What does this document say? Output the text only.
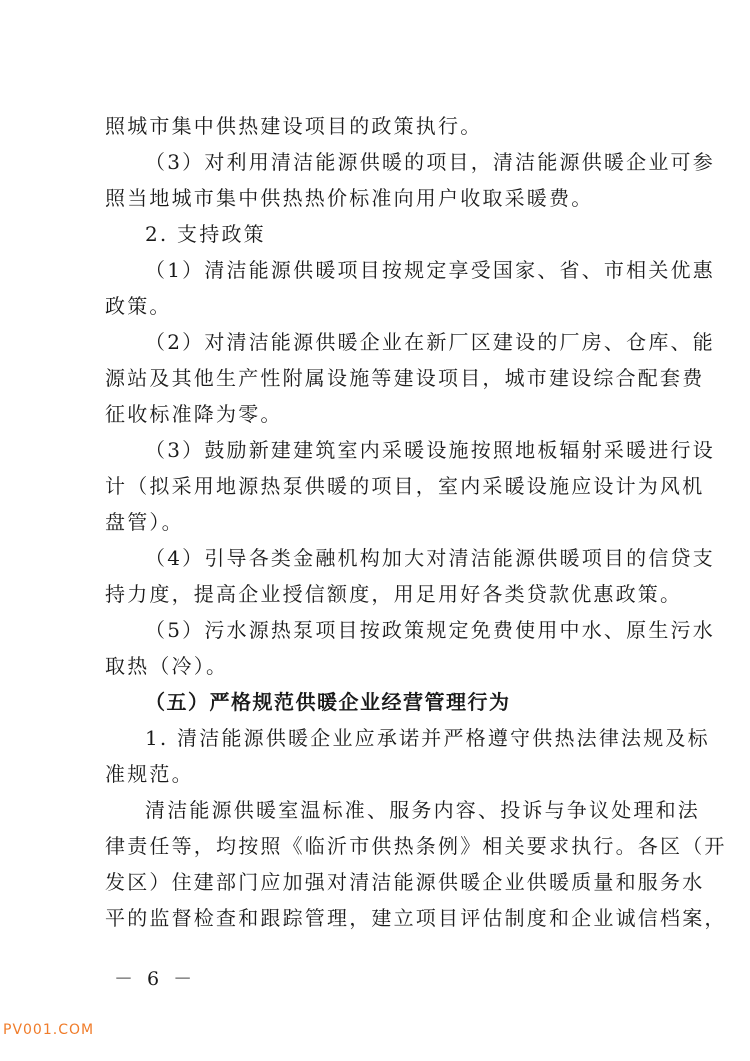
照城市集中供热建设项目的政策执行。
（3）对利用清洁能源供暖的项目，清洁能源供暖企业可参
照当地城市集中供热热价标准向用户收取采暖费。
2. 支持政策
（1）清洁能源供暖项目按规定享受国家、省、市相关优惠
政策。
（2）对清洁能源供暖企业在新厂区建设的厂房、仓库、能
源站及其他生产性附属设施等建设项目，城市建设综合配套费
征收标准降为零。
（3）鼓励新建建筑室内采暖设施按照地板辐射采暖进行设
计（拟采用地源热泵供暖的项目，室内采暖设施应设计为风机
盘管）。
（4）引导各类金融机构加大对清洁能源供暖项目的信贷支
持力度，提高企业授信额度，用足用好各类贷款优惠政策。
（5）污水源热泵项目按政策规定免费使用中水、原生污水
取热（冷）。
（五）严格规范供暖企业经营管理行为
1. 清洁能源供暖企业应承诺并严格遵守供热法律法规及标
准规范。
清洁能源供暖室温标准、服务内容、投诉与争议处理和法
律责任等，均按照《临沂市供热条例》相关要求执行。各区（开
发区）住建部门应加强对清洁能源供暖企业供暖质量和服务水
平的监督检查和跟踪管理，建立项目评估制度和企业诚信档案，
－ 6 －
PV001.COM
